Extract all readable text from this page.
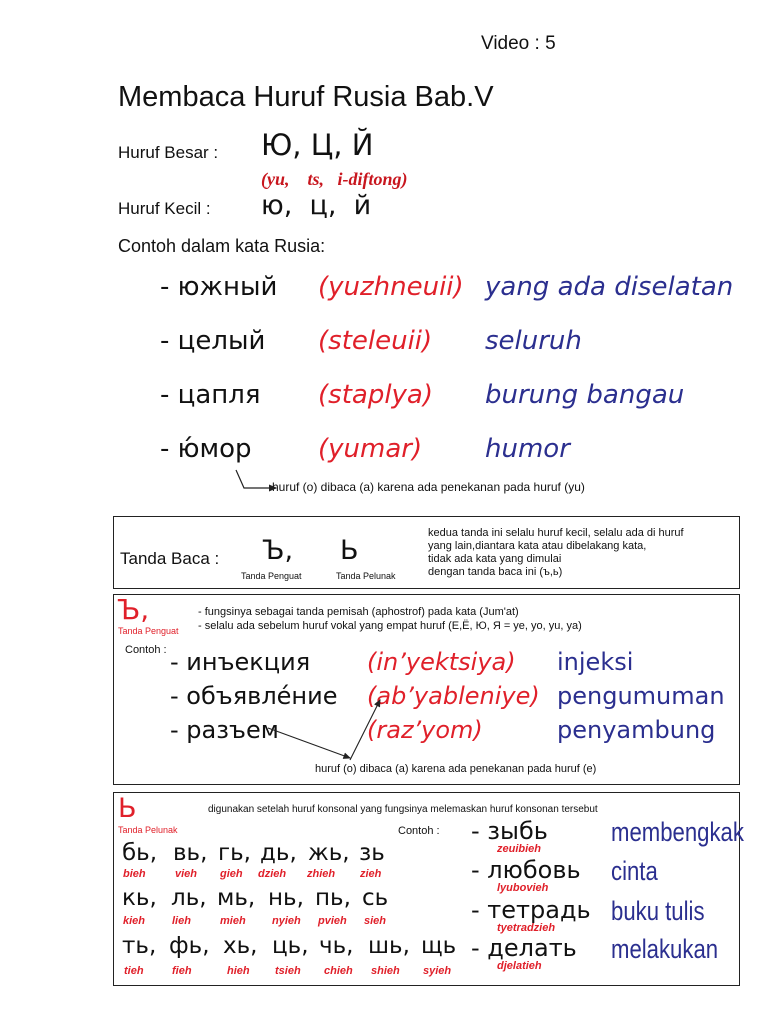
Video : 5
Membaca Huruf Rusia Bab.V
Huruf Besar : Ю, Ц, Й
(yu,    ts,   i-diftong)
Huruf Kecil : ю,  ц,  й
Contoh dalam kata Rusia:
- южный (yuzhneuii) yang ada diselatan
- целый (steleuii) seluruh
- цапля (staplya) burung bangau
- ю́мор	(yumar) humor
huruf (o) dibaca (a) karena ada penekanan pada huruf (yu)
Tanda Baca : Ъ, Ь
Tanda Penguat	Tanda Pelunak
kedua tanda ini selalu huruf kecil, selalu ada di huruf
yang lain,diantara kata atau dibelakang kata,
tidak ada kata yang dimulai
dengan tanda baca ini (ъ,ь)
Ъ,
Tanda Penguat
- fungsinya sebagai tanda pemisah (aphostrof) pada kata (Jum'at)
- selalu ada sebelum huruf vokal yang empat huruf (Е,Ё, Ю, Я = ye, yo, yu, ya)
Contoh : - инъекция (in’yektsiya) injeksi
- объявле́ние (ab’yableniye) pengumuman
- разъем	(raz’yom)	penyambung
huruf (o) dibaca (a) karena ada penekanan pada huruf (e)
Ь
Tanda Pelunak
digunakan setelah huruf konsonal yang fungsinya melemaskan huruf konsonan tersebut
Contoh :
бь, вь, гь, дь, жь, зь
bieh	vieh gieh dzieh zhieh zieh
кь, ль, мь, нь, пь, сь
kieh lieh	mieh nyieh pvieh sieh
ть, фь, хь, ць, чь, шь, щь
tieh	fieh	hieh tsieh chieh shieh syieh
- зыбь
zeuibieh
membengkak
- любовь
lyubovieh
cinta
- тетрадь
tyetradzieh
buku tulis
- делать
djelatieh
melakukan
